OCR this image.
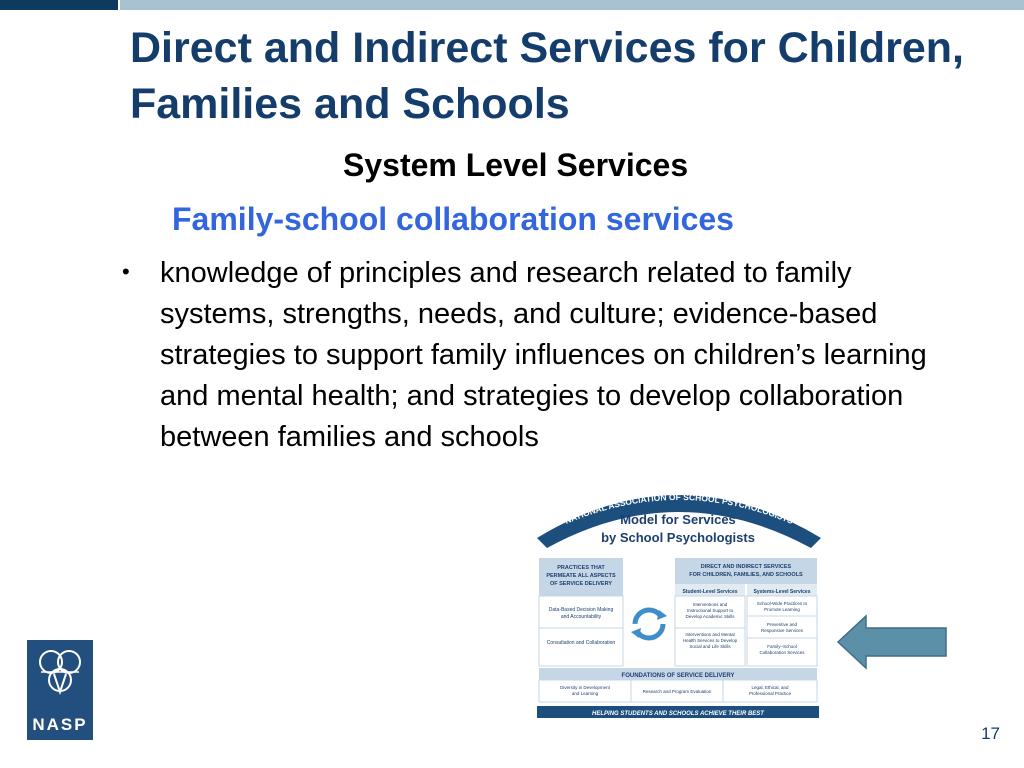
Direct and Indirect Services for Children, Families and Schools
System Level Services
Family-school collaboration services
• knowledge of principles and research related to family systems, strengths, needs, and culture; evidence-based strategies to support family influences on children’s learning and mental health; and strategies to develop collaboration between families and schools
NASP
NATIONAL ASSOCIATION OF SCHOOL PSYCHOLOGISTS
Model for Services
by School Psychologists
PRACTICES THAT PERMEATE ALL ASPECTS OF SERVICE DELIVERY
Data-Based Decision Making and Accountability
Consultation and Collaboration
DIRECT AND INDIRECT SERVICES FOR CHILDREN, FAMILIES, AND SCHOOLS
Student-Level Services	Systems-Level Services
Interventions and Instructional Support to Develop Academic Skills
Interventions and Mental Health Services to Develop Social and Life Skills
School-Wide Practices to Promote Learning
Preventive and Responsive Services
Family–School Collaboration Services
FOUNDATIONS OF SERVICE DELIVERY
Diversity in Development and Learning	Research and Program Evaluation
Legal, Ethical, and Professional Practice
HELPING STUDENTS AND SCHOOLS ACHIEVE THEIR BEST
17
